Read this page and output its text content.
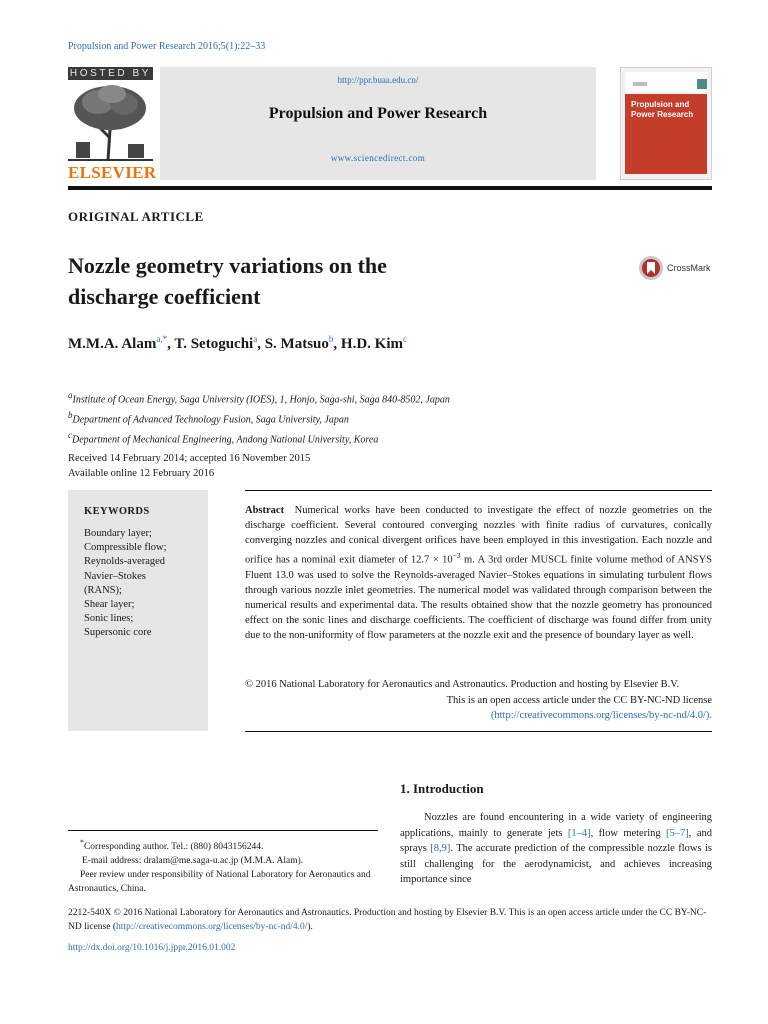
Propulsion and Power Research 2016;5(1):22–33
HOSTED BY
ELSEVIER
http://ppr.buaa.edu.cn/
Propulsion and Power Research
www.sciencedirect.com
Propulsion and Power Research
ORIGINAL ARTICLE
Nozzle geometry variations on the
discharge coefficient
CrossMark
M.M.A. Alam$^{a,*}$, T. Setoguchi$^a$, S. Matsuo$^b$, H.D. Kim$^c$
$^a$Institute of Ocean Energy, Saga University (IOES), 1, Honjo, Saga-shi, Saga 840-8502, Japan
$^b$Department of Advanced Technology Fusion, Saga University, Japan
$^c$Department of Mechanical Engineering, Andong National University, Korea
Received 14 February 2014; accepted 16 November 2015
Available online 12 February 2016
KEYWORDS
Boundary layer;
Compressible flow;
Reynolds-averaged
Navier–Stokes
(RANS);
Shear layer;
Sonic lines;
Supersonic core
Abstract Numerical works have been conducted to investigate the effect of nozzle geometries on the discharge coefficient. Several contoured converging nozzles with finite radius of curvatures, conically converging nozzles and conical divergent orifices have been employed in this investigation. Each nozzle and orifice has a nominal exit diameter of $12.7 \times 10^{-3}$ m. A 3rd order MUSCL finite volume method of ANSYS Fluent 13.0 was used to solve the Reynolds-averaged Navier–Stokes equations in simulating turbulent flows through various nozzle inlet geometries. The numerical model was validated through comparison between the numerical results and experimental data. The results obtained show that the nozzle geometry has pronounced effect on the sonic lines and discharge coefficients. The coefficient of discharge was found differ from unity due to the non-uniformity of flow parameters at the nozzle exit and the presence of boundary layer as well.
© 2016 National Laboratory for Aeronautics and Astronautics. Production and hosting by Elsevier B.V.
This is an open access article under the CC BY-NC-ND license
(http://creativecommons.org/licenses/by-nc-nd/4.0/).
1. Introduction

Nozzles are found encountering in a wide variety of engineering applications, mainly to generate jets [1–4], flow metering [5–7], and sprays [8,9]. The accurate prediction of the compressible nozzle flows is still challenging for the aerodynamicist, and achieves increasing importance since

*Corresponding author. Tel.: (880) 8043156244.
E-mail address: dralam@me.saga-u.ac.jp (M.M.A. Alam).
Peer review under responsibility of National Laboratory for Aeronautics and Astronautics, China.
2212-540X © 2016 National Laboratory for Aeronautics and Astronautics. Production and hosting by Elsevier B.V. This is an open access article under the CC BY-NC-ND license (http://creativecommons.org/licenses/by-nc-nd/4.0/).
http://dx.doi.org/10.1016/j.jppr.2016.01.002
